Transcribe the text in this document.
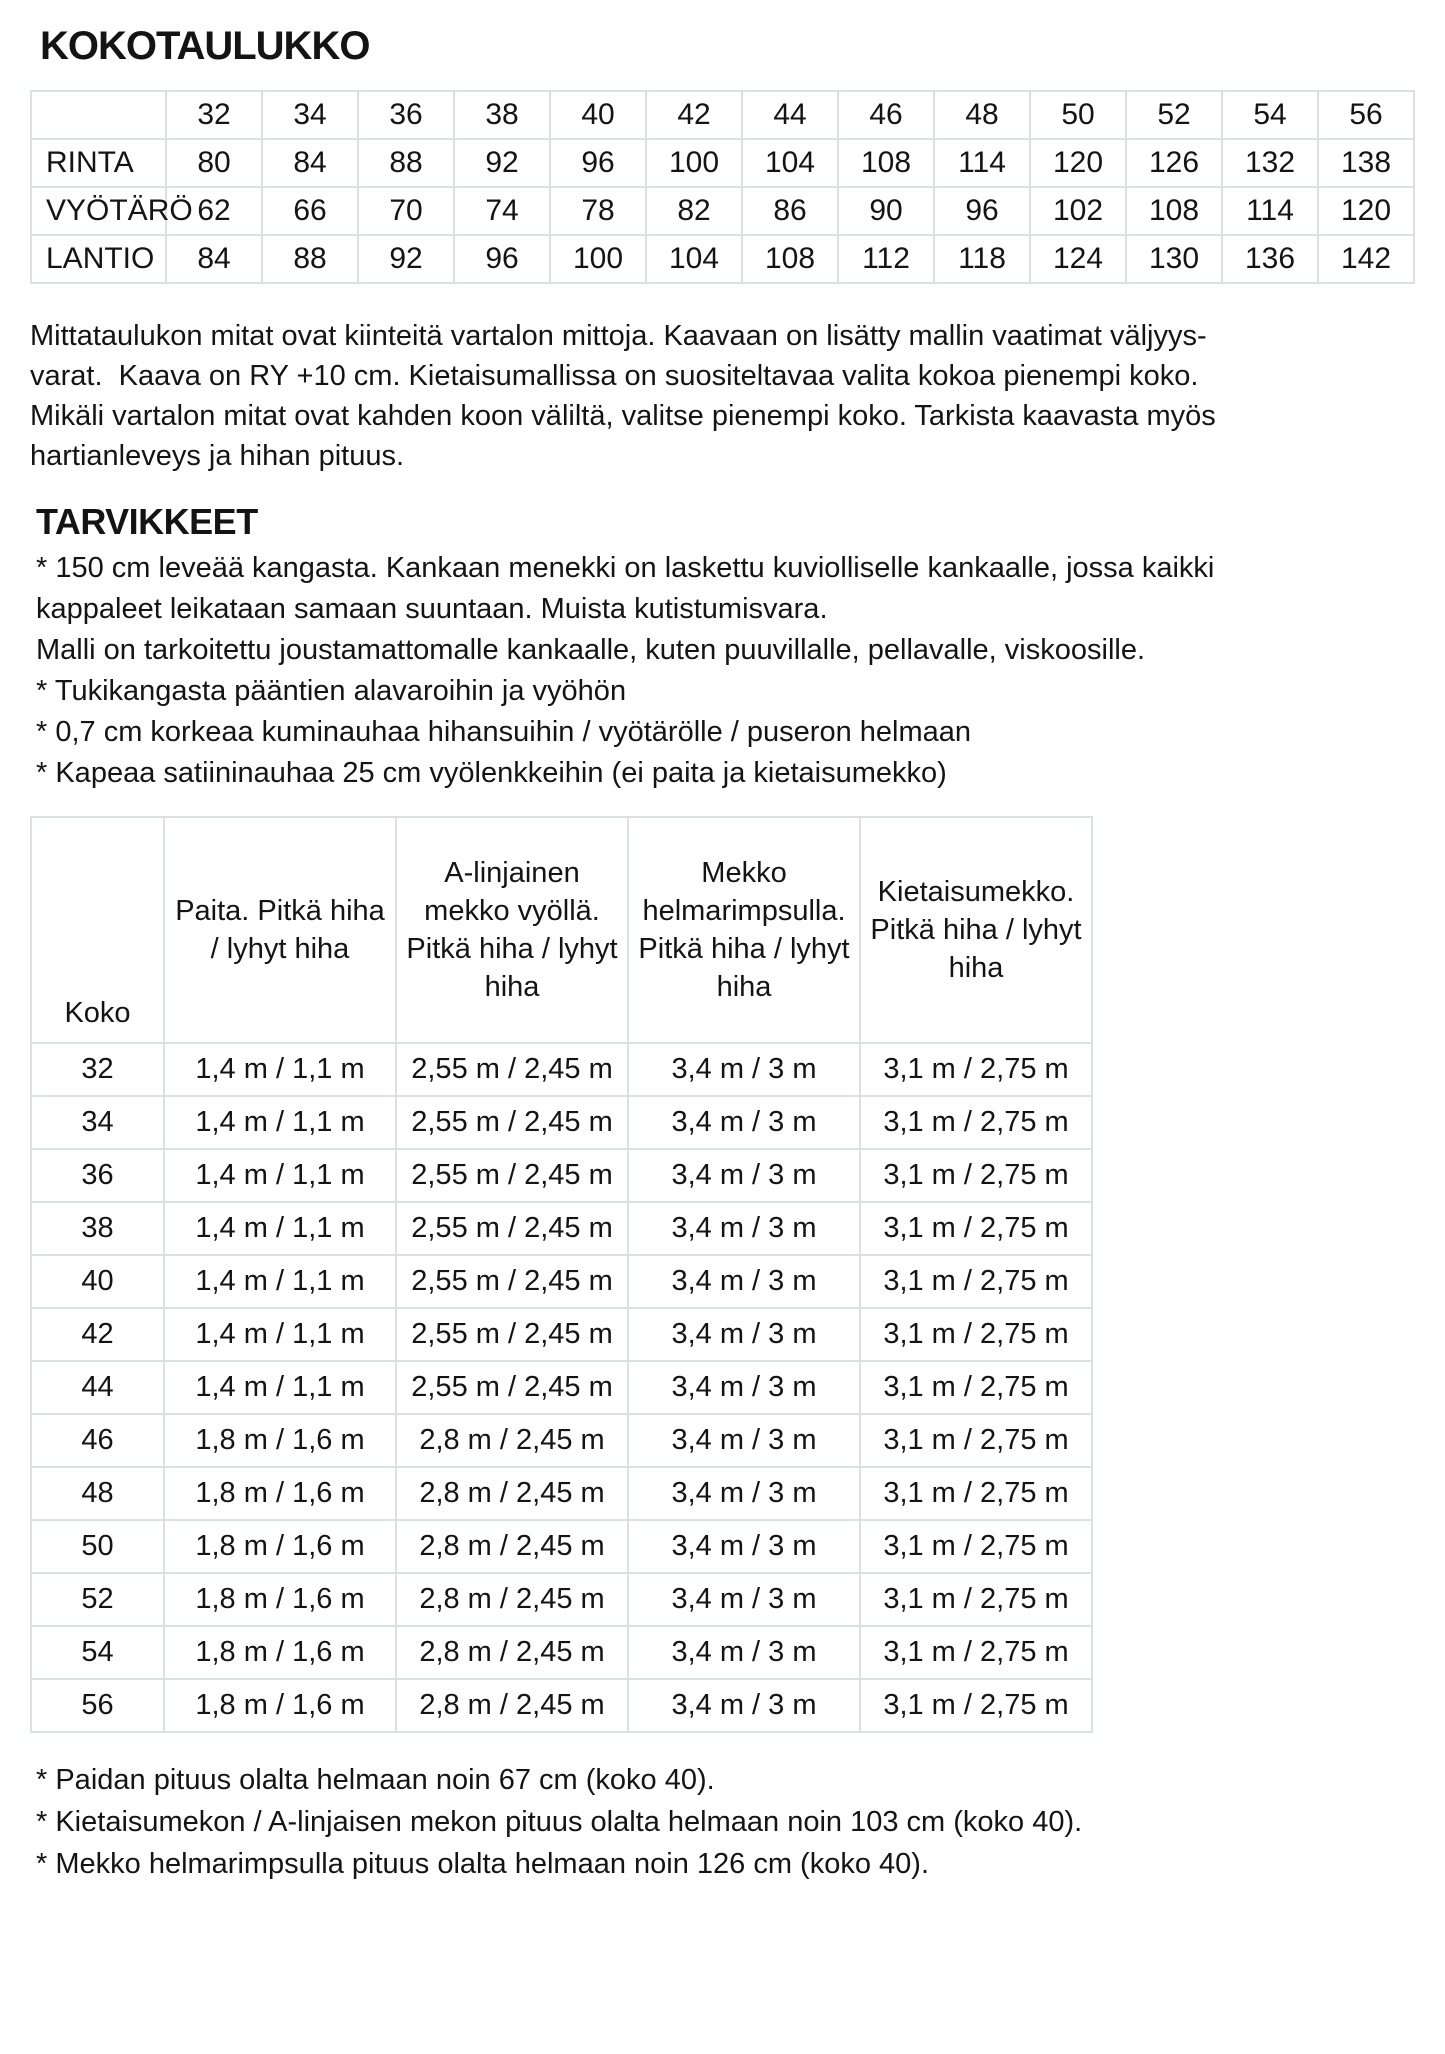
KOKOTAULUKKO
	32	34	36	38	40	42	44	46	48	50	52	54	56
RINTA	80	84	88	92	96	100	104	108	114	120	126	132	138
VYÖTÄRÖ	62	66	70	74	78	82	86	90	96	102	108	114	120
LANTIO	84	88	92	96	100	104	108	112	118	124	130	136	142
Mittataulukon mitat ovat kiinteitä vartalon mittoja. Kaavaan on lisätty mallin vaatimat väljyys-
varat.  Kaava on RY +10 cm. Kietaisumallissa on suositeltavaa valita kokoa pienempi koko.
Mikäli vartalon mitat ovat kahden koon väliltä, valitse pienempi koko. Tarkista kaavasta myös
hartianleveys ja hihan pituus.
TARVIKKEET
* 150 cm leveää kangasta. Kankaan menekki on laskettu kuviolliselle kankaalle, jossa kaikki
kappaleet leikataan samaan suuntaan. Muista kutistumisvara.
Malli on tarkoitettu joustamattomalle kankaalle, kuten puuvillalle, pellavalle, viskoosille.
* Tukikangasta pääntien alavaroihin ja vyöhön
* 0,7 cm korkeaa kuminauhaa hihansuihin / vyötärölle / puseron helmaan
* Kapeaa satiininauhaa 25 cm vyölenkkeihin (ei paita ja kietaisumekko)
Koko	Paita. Pitkä hiha / lyhyt hiha	A-linjainen mekko vyöllä. Pitkä hiha / lyhyt hiha	Mekko helmarimpsulla. Pitkä hiha / lyhyt hiha	Kietaisumekko. Pitkä hiha / lyhyt hiha
32	1,4 m / 1,1 m	2,55 m / 2,45 m	3,4 m / 3 m	3,1 m / 2,75 m
34	1,4 m / 1,1 m	2,55 m / 2,45 m	3,4 m / 3 m	3,1 m / 2,75 m
36	1,4 m / 1,1 m	2,55 m / 2,45 m	3,4 m / 3 m	3,1 m / 2,75 m
38	1,4 m / 1,1 m	2,55 m / 2,45 m	3,4 m / 3 m	3,1 m / 2,75 m
40	1,4 m / 1,1 m	2,55 m / 2,45 m	3,4 m / 3 m	3,1 m / 2,75 m
42	1,4 m / 1,1 m	2,55 m / 2,45 m	3,4 m / 3 m	3,1 m / 2,75 m
44	1,4 m / 1,1 m	2,55 m / 2,45 m	3,4 m / 3 m	3,1 m / 2,75 m
46	1,8 m / 1,6 m	2,8 m / 2,45 m	3,4 m / 3 m	3,1 m / 2,75 m
48	1,8 m / 1,6 m	2,8 m / 2,45 m	3,4 m / 3 m	3,1 m / 2,75 m
50	1,8 m / 1,6 m	2,8 m / 2,45 m	3,4 m / 3 m	3,1 m / 2,75 m
52	1,8 m / 1,6 m	2,8 m / 2,45 m	3,4 m / 3 m	3,1 m / 2,75 m
54	1,8 m / 1,6 m	2,8 m / 2,45 m	3,4 m / 3 m	3,1 m / 2,75 m
56	1,8 m / 1,6 m	2,8 m / 2,45 m	3,4 m / 3 m	3,1 m / 2,75 m
* Paidan pituus olalta helmaan noin 67 cm (koko 40).
* Kietaisumekon / A-linjaisen mekon pituus olalta helmaan noin 103 cm (koko 40).
* Mekko helmarimpsulla pituus olalta helmaan noin 126 cm (koko 40).
